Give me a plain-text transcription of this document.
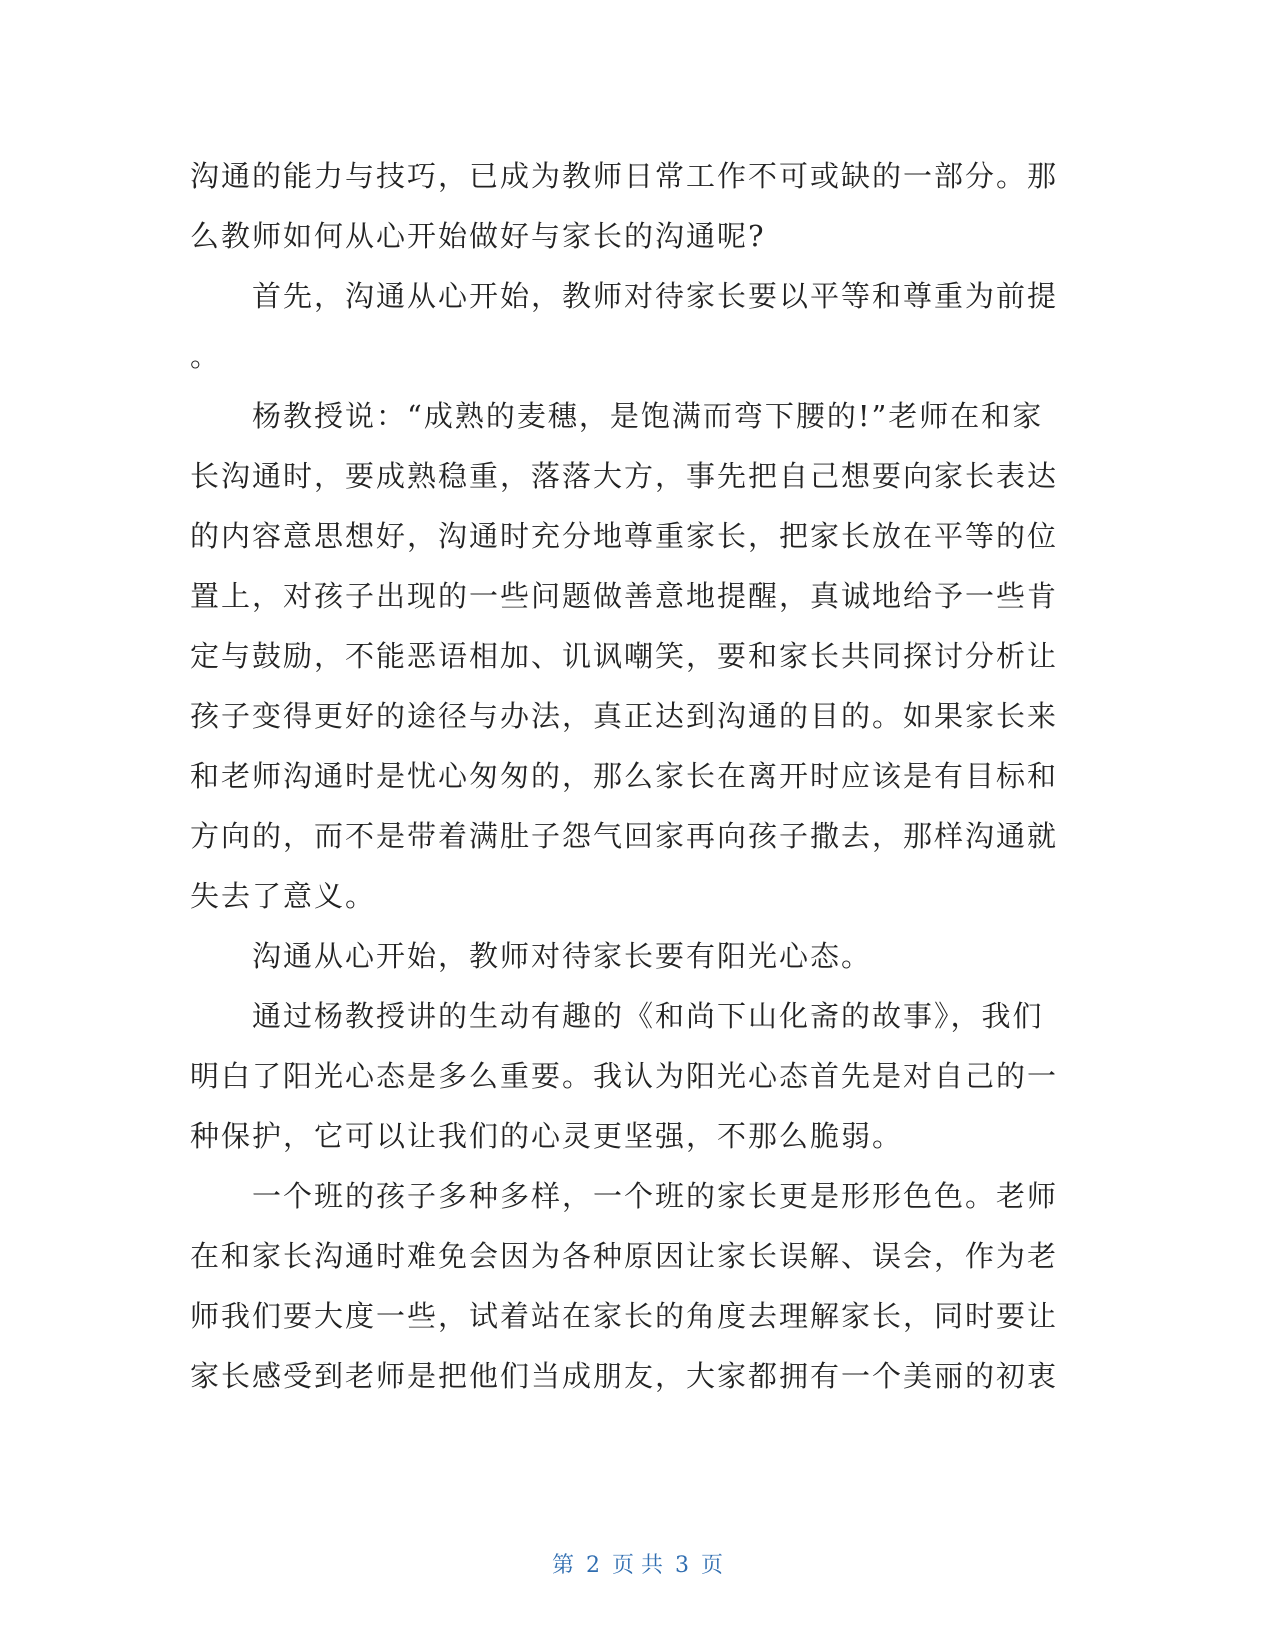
沟通的能力与技巧，已成为教师日常工作不可或缺的一部分。那
么教师如何从心开始做好与家长的沟通呢?
首先，沟通从心开始，教师对待家长要以平等和尊重为前提
。
杨教授说：“成熟的麦穗，是饱满而弯下腰的!”老师在和家
长沟通时，要成熟稳重，落落大方，事先把自己想要向家长表达
的内容意思想好，沟通时充分地尊重家长，把家长放在平等的位
置上，对孩子出现的一些问题做善意地提醒，真诚地给予一些肯
定与鼓励，不能恶语相加、讥讽嘲笑，要和家长共同探讨分析让
孩子变得更好的途径与办法，真正达到沟通的目的。如果家长来
和老师沟通时是忧心匆匆的，那么家长在离开时应该是有目标和
方向的，而不是带着满肚子怨气回家再向孩子撒去，那样沟通就
失去了意义。
沟通从心开始，教师对待家长要有阳光心态。
通过杨教授讲的生动有趣的《和尚下山化斋的故事》，我们
明白了阳光心态是多么重要。我认为阳光心态首先是对自己的一
种保护，它可以让我们的心灵更坚强，不那么脆弱。
一个班的孩子多种多样，一个班的家长更是形形色色。老师
在和家长沟通时难免会因为各种原因让家长误解、误会，作为老
师我们要大度一些，试着站在家长的角度去理解家长，同时要让
家长感受到老师是把他们当成朋友，大家都拥有一个美丽的初衷
第 2 页 共 3 页
